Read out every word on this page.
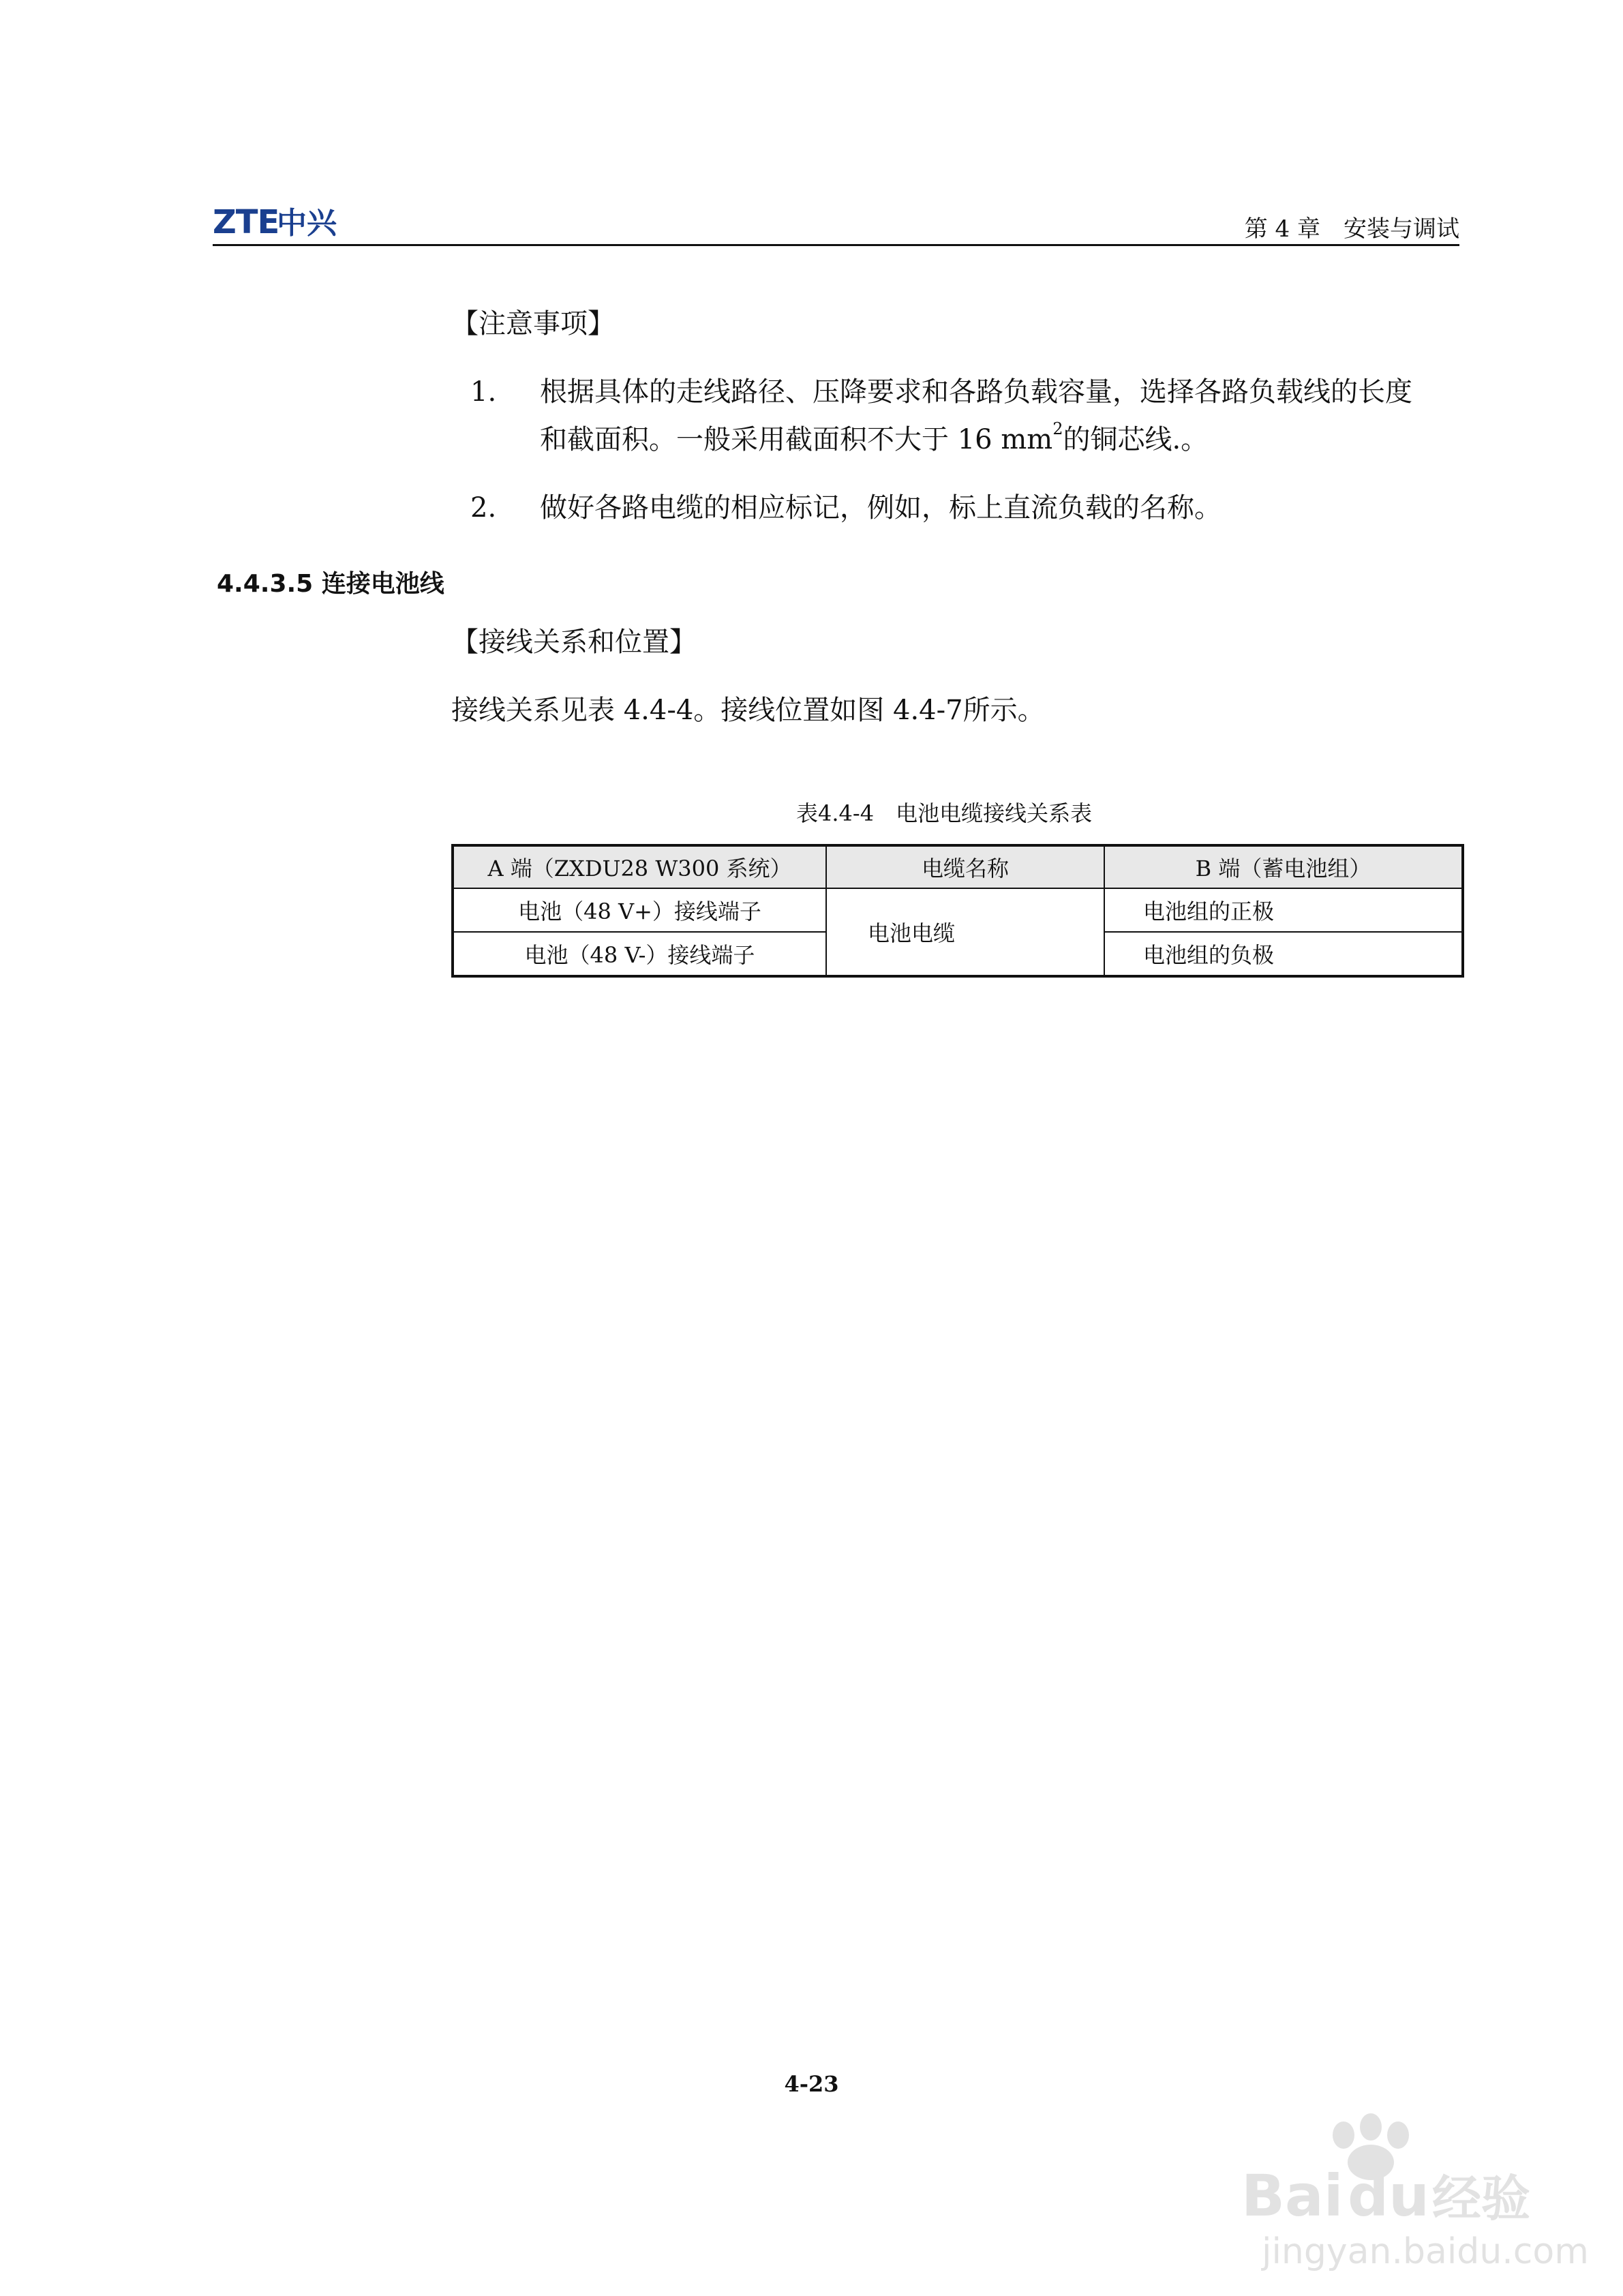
ZTE
中兴	第 4 章　安装与调试
【注意事项】
1. 根据具体的走线路径、压降要求和各路负载容量，选择各路负载线的长度
和截面积。一般采用截面积不大于 16 $mm^2$的铜芯线.。
2. 做好各路电缆的相应标记，例如，标上直流负载的名称。
4.4.3.5 连接电池线
【接线关系和位置】
接线关系见表 4.4-4。接线位置如图 4.4-7所示。
表4.4-4　电池电缆接线关系表
A 端（ZXDU28 W300 系统）	电缆名称	B 端（蓄电池组）
电池（48 V+）接线端子	电池电缆	电池组的正极
电池（48 V-）接线端子		电池组的负极
4-23
Bai du 经验
jingyan.baidu.com
